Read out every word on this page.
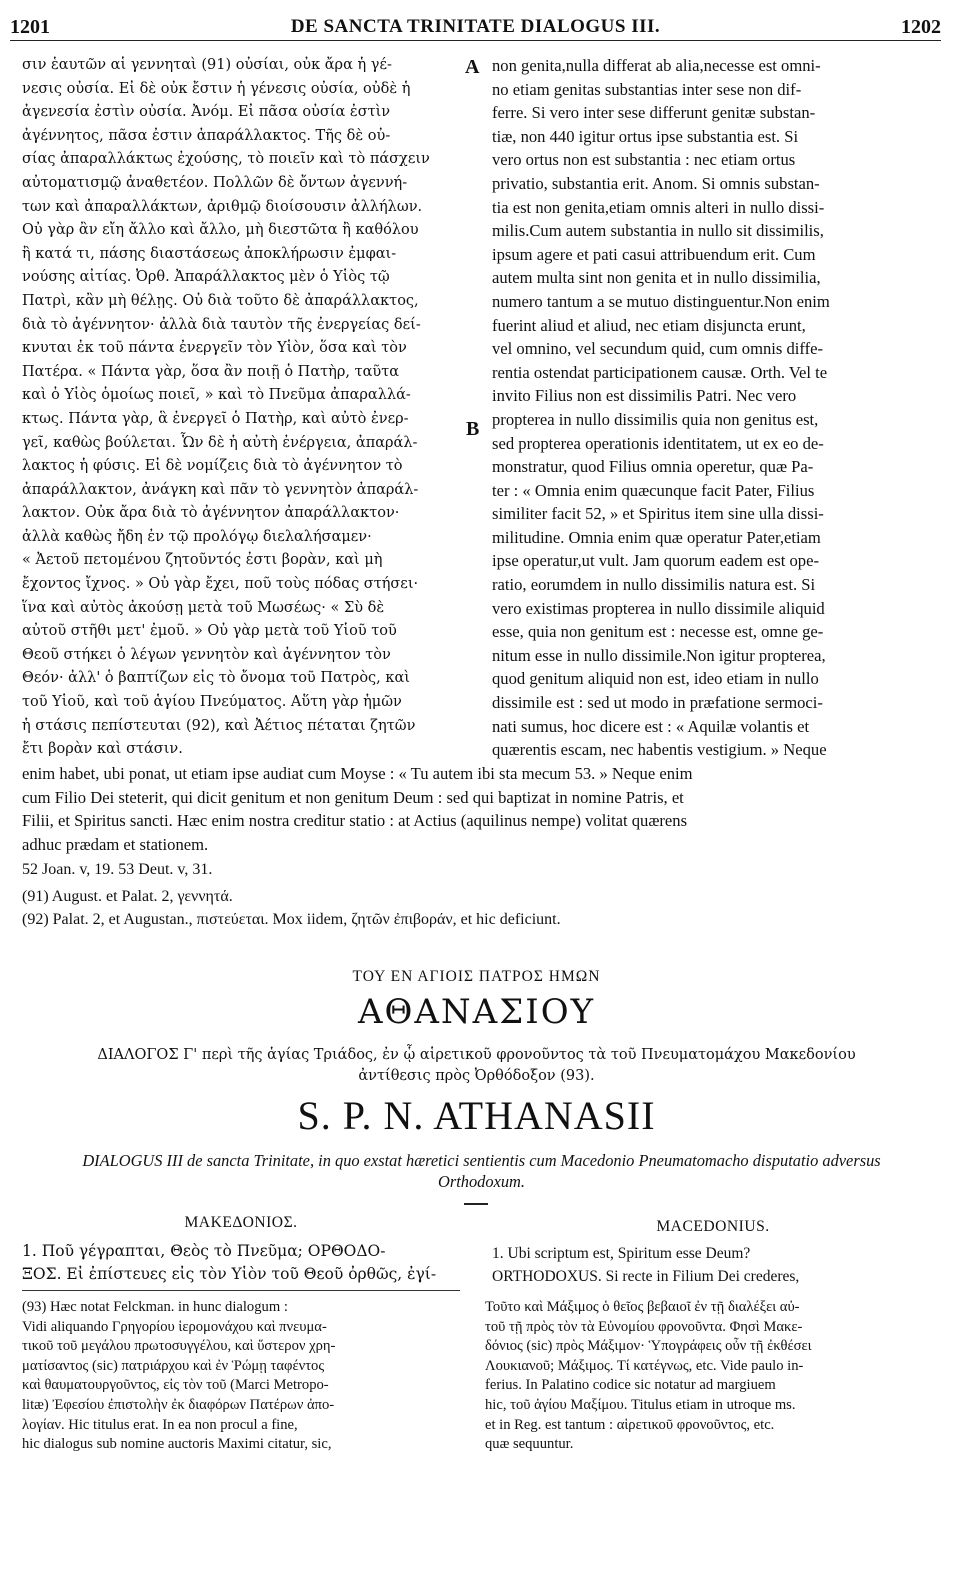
1201	DE SANCTA TRINITATE DIALOGUS III.	1202
A
B
σιν ἑαυτῶν αἱ γεννηταὶ (91) οὐσίαι, οὐκ ἄρα ἡ γέ-
νεσις οὐσία. Εἰ δὲ οὐκ ἔστιν ἡ γένεσις οὐσία, οὐδὲ ἡ
ἀγενεσία ἐστὶν οὐσία. Ἀνόμ. Εἰ πᾶσα οὐσία ἐστὶν
ἀγέννητος, πᾶσα ἐστιν ἀπαράλλακτος. Τῆς δὲ οὐ-
σίας ἀπαραλλάκτως ἐχούσης, τὸ ποιεῖν καὶ τὸ πάσχειν
αὐτοματισμῷ ἀναθετέον. Πολλῶν δὲ ὄντων ἀγεννή-
των καὶ ἀπαραλλάκτων, ἀριθμῷ διοίσουσιν ἀλλήλων.
Οὐ γὰρ ἂν εἴη ἄλλο καὶ ἄλλο, μὴ διεστῶτα ἢ καθόλου
ἢ κατά τι, πάσης διαστάσεως ἀποκλήρωσιν ἐμφαι-
νούσης αἰτίας. Ὀρθ. Ἀπαράλλακτος μὲν ὁ Υἱὸς τῷ
Πατρὶ, κἂν μὴ θέλῃς. Οὐ διὰ τοῦτο δὲ ἀπαράλλακτος,
διὰ τὸ ἀγέννητον· ἀλλὰ διὰ ταυτὸν τῆς ἐνεργείας δεί-
κνυται ἐκ τοῦ πάντα ἐνεργεῖν τὸν Υἱὸν, ὅσα καὶ τὸν
Πατέρα. « Πάντα γὰρ, ὅσα ἂν ποιῇ ὁ Πατὴρ, ταῦτα
καὶ ὁ Υἱὸς ὁμοίως ποιεῖ, » καὶ τὸ Πνεῦμα ἀπαραλλά-
κτως. Πάντα γὰρ, ἃ ἐνεργεῖ ὁ Πατὴρ, καὶ αὐτὸ ἐνερ-
γεῖ, καθὼς βούλεται. Ὧν δὲ ἡ αὐτὴ ἐνέργεια, ἀπαράλ-
λακτος ἡ φύσις. Εἰ δὲ νομίζεις διὰ τὸ ἀγέννητον τὸ
ἀπαράλλακτον, ἀνάγκη καὶ πᾶν τὸ γεννητὸν ἀπαράλ-
λακτον. Οὐκ ἄρα διὰ τὸ ἀγέννητον ἀπαράλλακτον·
ἀλλὰ καθὼς ἤδη ἐν τῷ προλόγῳ διελαλήσαμεν·
« Ἀετοῦ πετομένου ζητοῦντός ἐστι βορὰν, καὶ μὴ
ἔχοντος ἴχνος. » Οὐ γὰρ ἔχει, ποῦ τοὺς πόδας στήσει·
ἵνα καὶ αὐτὸς ἀκούσῃ μετὰ τοῦ Μωσέως· « Σὺ δὲ
αὐτοῦ στῆθι μετ' ἐμοῦ. » Οὐ γὰρ μετὰ τοῦ Υἱοῦ τοῦ
Θεοῦ στήκει ὁ λέγων γεννητὸν καὶ ἀγέννητον τὸν
Θεόν· ἀλλ' ὁ βαπτίζων εἰς τὸ ὄνομα τοῦ Πατρὸς, καὶ
τοῦ Υἱοῦ, καὶ τοῦ ἁγίου Πνεύματος. Αὕτη γὰρ ἡμῶν
ἡ στάσις πεπίστευται (92), καὶ Ἀέτιος πέταται ζητῶν
ἔτι βορὰν καὶ στάσιν.
non genita,nulla differat ab alia,necesse est omni-
no etiam genitas substantias inter sese non dif-
ferre. Si vero inter sese differunt genitæ substan-
tiæ, non 440 igitur ortus ipse substantia est. Si
vero ortus non est substantia : nec etiam ortus
privatio, substantia erit. Anom. Si omnis substan-
tia est non genita,etiam omnis alteri in nullo dissi-
milis.Cum autem substantia in nullo sit dissimilis,
ipsum agere et pati casui attribuendum erit. Cum
autem multa sint non genita et in nullo dissimilia,
numero tantum a se mutuo distinguentur.Non enim
fuerint aliud et aliud, nec etiam disjuncta erunt,
vel omnino, vel secundum quid, cum omnis diffe-
rentia ostendat participationem causæ. Orth. Vel te
invito Filius non est dissimilis Patri. Nec vero
propterea in nullo dissimilis quia non genitus est,
sed propterea operationis identitatem, ut ex eo de-
monstratur, quod Filius omnia operetur, quæ Pa-
ter : « Omnia enim quæcunque facit Pater, Filius
similiter facit 52, » et Spiritus item sine ulla dissi-
militudine. Omnia enim quæ operatur Pater,etiam
ipse operatur,ut vult. Jam quorum eadem est ope-
ratio, eorumdem in nullo dissimilis natura est. Si
vero existimas propterea in nullo dissimile aliquid
esse, quia non genitum est : necesse est, omne ge-
nitum esse in nullo dissimile.Non igitur propterea,
quod genitum aliquid non est, ideo etiam in nullo
dissimile est : sed ut modo in præfatione sermoci-
nati sumus, hoc dicere est : « Aquilæ volantis et
quærentis escam, nec habentis vestigium. » Neque
enim habet, ubi ponat, ut etiam ipse audiat cum Moyse : « Tu autem ibi sta mecum 53. » Neque enim
cum Filio Dei steterit, qui dicit genitum et non genitum Deum : sed qui baptizat in nomine Patris, et
Filii, et Spiritus sancti. Hæc enim nostra creditur statio : at Actius (aquilinus nempe) volitat quærens
adhuc prædam et stationem.
52 Joan. v, 19. 53 Deut. v, 31.
(91) August. et Palat. 2, γεννητά.
(92) Palat. 2, et Augustan., πιστεύεται. Mox iidem, ζητῶν ἐπιβοράν, et hic deficiunt.
ΤΟΥ ΕΝ ΑΓΙΟΙΣ ΠΑΤΡΟΣ ΗΜΩΝ
ΑΘΑΝΑΣΙΟΥ
ΔΙΑΛΟΓΟΣ Γ' περὶ τῆς ἁγίας Τριάδος, ἐν ᾧ αἱρετικοῦ φρονοῦντος τὰ τοῦ Πνευματομάχου Μακεδονίου ἀντίθεσις πρὸς Ὀρθόδοξον (93).
S. P. N. ATHANASII
DIALOGUS III de sancta Trinitate, in quo exstat hæretici sentientis cum Macedonio Pneumatomacho disputatio adversus Orthodoxum.
ΜΑΚΕΔΟΝΙΟΣ.	MACEDONIUS.
1. Ποῦ γέγραπται, Θεὸς τὸ Πνεῦμα; ΟΡΘΟΔΟ-
ΞΟΣ. Εἰ ἐπίστευες εἰς τὸν Υἱὸν τοῦ Θεοῦ ὀρθῶς, ἐγί-
1. Ubi scriptum est, Spiritum esse Deum?
ORTHODOXUS. Si recte in Filium Dei crederes,
(93) Hæc notat Felckman. in hunc dialogum :
Vidi aliquando Γρηγορίου ἱερομονάχου καὶ πνευμα-
τικοῦ τοῦ μεγάλου πρωτοσυγγέλου, καὶ ὕστερον χρη-
ματίσαντος (sic) πατριάρχου καὶ ἐν Ῥώμῃ ταφέντος
καὶ θαυματουργοῦντος, εἰς τὸν τοῦ (Marci Metropo-
litæ) Ἐφεσίου ἐπιστολὴν ἐκ διαφόρων Πατέρων ἀπο-
λογίαν. Hic titulus erat. In ea non procul a fine,
hic dialogus sub nomine auctoris Maximi citatur, sic,
Τοῦτο καὶ Μάξιμος ὁ θεῖος βεβαιοῖ ἐν τῇ διαλέξει αὐ-
τοῦ τῇ πρὸς τὸν τὰ Εὐνομίου φρονοῦντα. Φησὶ Μακε-
δόνιος (sic) πρὸς Μάξιμον· Ὑπογράφεις οὖν τῇ ἐκθέσει
Λουκιανοῦ; Μάξιμος. Τί κατέγνως, etc. Vide paulo in-
ferius. In Palatino codice sic notatur ad margiuem
hic, τοῦ ἁγίου Μαξίμου. Titulus etiam in utroque ms.
et in Reg. est tantum : αἱρετικοῦ φρονοῦντος, etc.
quæ sequuntur.
